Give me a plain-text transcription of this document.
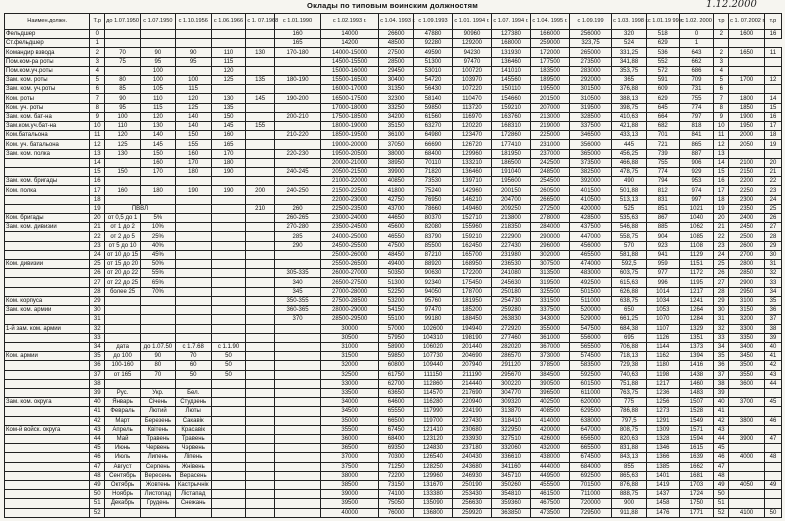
Оклады по типовым воинским должностям	1.12.2000
Наимен.должн.	Т.р	до 1.07.1950	с 1.07.1950	с 1.10.1956	с 1.06.1966	с 1. 07.1968	с 1.01.1990	с 1.02.1993 г.	с 1.04. 1993 г.	с 1.09.1993	с 1.01. 1994 г.	с 1.07. 1994 г.	с 1.04. 1995 г.	с 1.09.199	с 1.03. 1998 г.	с 1.01.19 99 г.	с 1.02. 2000	т.р	с 1. 07.2002 г.	т.р
Фельдшер	0						160	14000	26600	47880	90960	127380	166000	256000	320	518	0	2	1600	16
Ст.фельдшер	1						165	14200	48500	92280	129200	168000	259000	323,75	524	629	1			
Командир взвода	2	70	90	90	110	130	170-180	14000-15000	27500	49590	94230	131930	172000	265000	331,25	536	643	2	1650	11
Пом.ком-ра роты	3	75	95	95	115			14500-15500	28500	51300	97470	136460	177500	273500	341,88	552	662	3		
Пом.ком.уч.роты	4		100		120			15000-16000	29450	53010	100720	141010	183500	283000	353,75	572	686	4		
Зам. ком. роты	5	80	100	100	125	135	180-190	15500-16500	30400	54720	103970	145560	189500	292000	365	591	709	5	1700	12
Зам. ком. уч.роты	6	85	105	115				16000-17000	31350	56430	107220	150110	195500	301500	376,88	609	731	6		
Ком. роты	7	90	110	120	130	145	190-200	16500-17500	32300	58140	110470	154660	201500	310500	388,13	629	755	7	1800	14
Ком. уч. роты	8	95	115	125	135			17000-18000	33250	59850	113720	159210	207000	319500	398,75	645	774	8	1850	15
Зам. ком. бат-на	9	100	120	140	150		200-210	17500-18500	34200	61560	116970	163760	213000	328500	410,63	664	797	9	1900	16
Зам.ком.уч.бат-на	10	110	130	140	145	155		18000-19000	35150	63270	120220	168310	219000	337500	421,88	682	818	10	1950	17
Ком.батальона	11	120	140	150	160		210-220	18500-19500	36100	64980	123470	172860	225000	346500	433,13	701	841	11	2000	18
Ком. уч. батальона	12	125	145	155	165			19000-20000	37050	66690	126720	177410	231000	356000	445	721	865	12	2050	19
Зам. ком. полка	13	130	150	160	170		220-230	19500-20500	38000	68400	129960	181950	237000	365000	456,25	739	887	13		
	14		160	170	180			20000-21000	38950	70110	133210	186500	242500	373500	466,88	755	906	14	2100	20
	15	150	170	180	190		240-245	20500-21500	39900	71820	136460	191040	248500	382500	478,75	774	929	15	2150	21
Зам. ком. бригады	16							21000-22000	40850	73530	139710	195600	254500	392000	490	794	953	16	2200	22
Ком. полка	17	160	180	190	190	200	240-250	21500-22500	41800	75240	142960	200150	260500	401500	501,88	812	974	17	2250	23
	18							22000-23000	42750	76950	146210	204700	266500	410500	513,13	831	997	18	2300	24
	19	ПВВЛ				210	260	22500-23500	43700	78660	149460	209250	272500	420000	525	851	1021	19	2350	25
Ком. бригады	20	от 0,5 до 1	5%				260-265	23000-24000	44650	80370	152710	213800	278000	428500	535,63	867	1040	20	2400	26
Зам. ком. дивизии	21	от 1 до 2	10%				270-280	23500-24500	45600	82080	155960	218350	284000	437500	546,88	885	1062	21	2450	27
	22	от 2 до 5	25%				285	24000-25000	46550	83790	159210	222900	290000	447000	558,75	904	1085	22	2500	28
	23	от 5 до 10	40%				290	24500-25500	47500	85500	162450	227430	296000	456000	570	923	1108	23	2600	29
	24	от 10 до 15	45%					25000-26000	48450	87210	165700	231980	302000	465500	581,88	941	1129	24	2700	30
Ком. дивизии	25	от 15 до 20	50%					25500-26500	49400	88920	168950	236530	307500	474000	592,5	959	1151	25	2800	31
	26	от 20 до 22	55%				305-335	26000-27000	50350	90630	172200	241080	313500	483000	603,75	977	1172	26	2850	32
	27	от 22 до 25	65%				340	26500-27500	51300	92340	175450	245630	319500	492500	615,63	996	1195	27	2900	33
	28	более 25	70%				345	27000-28000	52250	94050	178700	250180	325500	501500	626,88	1014	1217	28	2950	34
Ком. корпуса	29						350-355	27500-28500	53200	95760	181950	254730	331500	511000	638,75	1034	1241	29	3100	35
Зам. ком. армии	30						360-365	28000-29000	54150	97470	185200	259280	337500	520000	650	1053	1264	30	3150	36
	31						370	28500-29500	55100	99180	188450	263830	343000	529000	661,25	1070	1284	31	3200	37
1-й зам. ком. армии	32							30000	57000	102600	194940	272920	355000	547500	684,38	1107	1329	32	3300	38
	33							30500	57950	104310	198190	277460	361000	556000	695	1126	1351	33	3350	39
	34	дата	до 1.07.50	с 1.7.68	с 1.1.90			31000	58900	106020	201440	282020	367000	565500	706,88	1144	1373	34	3400	40
Ком. армии	35	до 100	90	70	50			31500	59850	107730	204690	286570	373000	574500	718,13	1162	1394	35	3450	41
	36	100-160	80	60	50			32000	60800	109440	207940	291120	378500	583500	729,38	1180	1416	36	3500	42
	37	от 165	70	50	50			32500	61750	111150	211190	295670	384500	592500	740,63	1198	1438	37	3550	43
	38							33000	62700	112860	214440	300220	390500	601500	751,88	1217	1460	38	3600	44
	39	Рус.	Укр.	Бел.				33500	63650	114570	217690	304770	396500	611000	763,75	1236	1483	39		
Зам. ком. округа	40	Январь	Січень	Студзень				34000	64600	116280	220940	309320	402500	620000	775	1256	1507	40	3700	45
	41	Февраль	Лютий	Люты				34500	65550	117990	224190	313870	408500	629500	786,88	1273	1528	41		
	42	Март	Березень	Сакавік				35000	66500	119700	227430	318410	414000	638000	797,5	1291	1549	42	3800	46
Ком-й войск. округа	43	Апрель	Квітень	Красавік				35500	67450	121410	230680	322950	420000	647000	808,75	1309	1571	43		
	44	Май	Травень	Травень				36000	68400	123120	233930	327510	426000	656500	820,63	1328	1594	44	3900	47
	45	Июнь	Червень	Чэрвень				36500	69350	124830	237180	332060	432000	665500	831,88	1346	1615	45		
	46	Июль	Липень	Ліпень				37000	70300	126540	240430	336610	438000	674500	843,13	1366	1639	46	4000	48
	47	Август	Серпень	Жнівень				37500	71250	128250	243680	341160	444000	684000	855	1385	1662	47		
	48	Сентябрь	Вересень	Верасень				38000	72200	129960	246930	345710	449500	692500	865,63	1401	1681	48		
	49	Октябрь	Жовтень	Кастрычнік				38500	73150	131670	250190	350260	455500	701500	876,88	1419	1703	49	4050	49
	50	Ноябрь	Листопад	Лістапад				39000	74100	133380	253430	354810	461500	711000	888,75	1437	1724	50		
	51	Декабрь	Грудень	Снежань				39500	75050	135090	256630	359360	467500	720000	900	1458	1750	51		
	52							40000	76000	136800	259920	363850	473500	729500	911,88	1476	1771	52	4100	50
